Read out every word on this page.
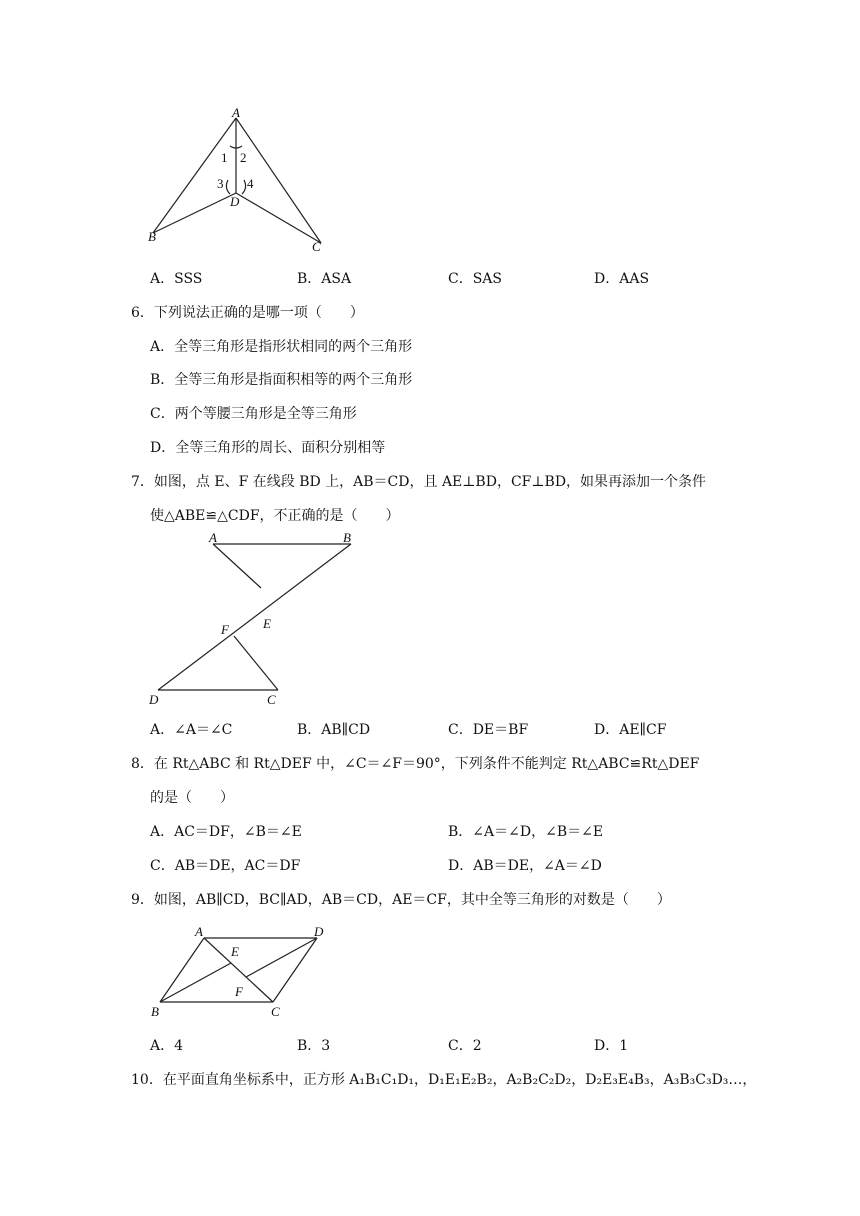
A
B
C
D
1 2
3 4
A．SSS	B．ASA	C．SAS	D．AAS
6．下列说法正确的是哪一项（　　）
A．全等三角形是指形状相同的两个三角形
B．全等三角形是指面积相等的两个三角形
C．两个等腰三角形是全等三角形
D．全等三角形的周长、面积分别相等
7．如图，点 E、F 在线段 BD 上，AB＝CD，且 AE⊥BD，CF⊥BD，如果再添加一个条件
使△ABE≌△CDF，不正确的是（　　）
A	B
C
D
E
F
A．∠A＝∠C	B．AB∥CD	C．DE＝BF	D．AE∥CF
8．在 Rt△ABC 和 Rt△DEF 中，∠C＝∠F＝90°，下列条件不能判定 Rt△ABC≌Rt△DEF
的是（　　）
A．AC＝DF，∠B＝∠E	B．∠A＝∠D，∠B＝∠E
C．AB＝DE，AC＝DF	D．AB＝DE，∠A＝∠D
9．如图，AB∥CD，BC∥AD，AB＝CD，AE＝CF，其中全等三角形的对数是（　　）
A
B	C
D
E
F
A．4	B．3	C．2	D．1
10．在平面直角坐标系中，正方形 A₁B₁C₁D₁，D₁E₁E₂B₂，A₂B₂C₂D₂，D₂E₃E₄B₃，A₃B₃C₃D₃…，
